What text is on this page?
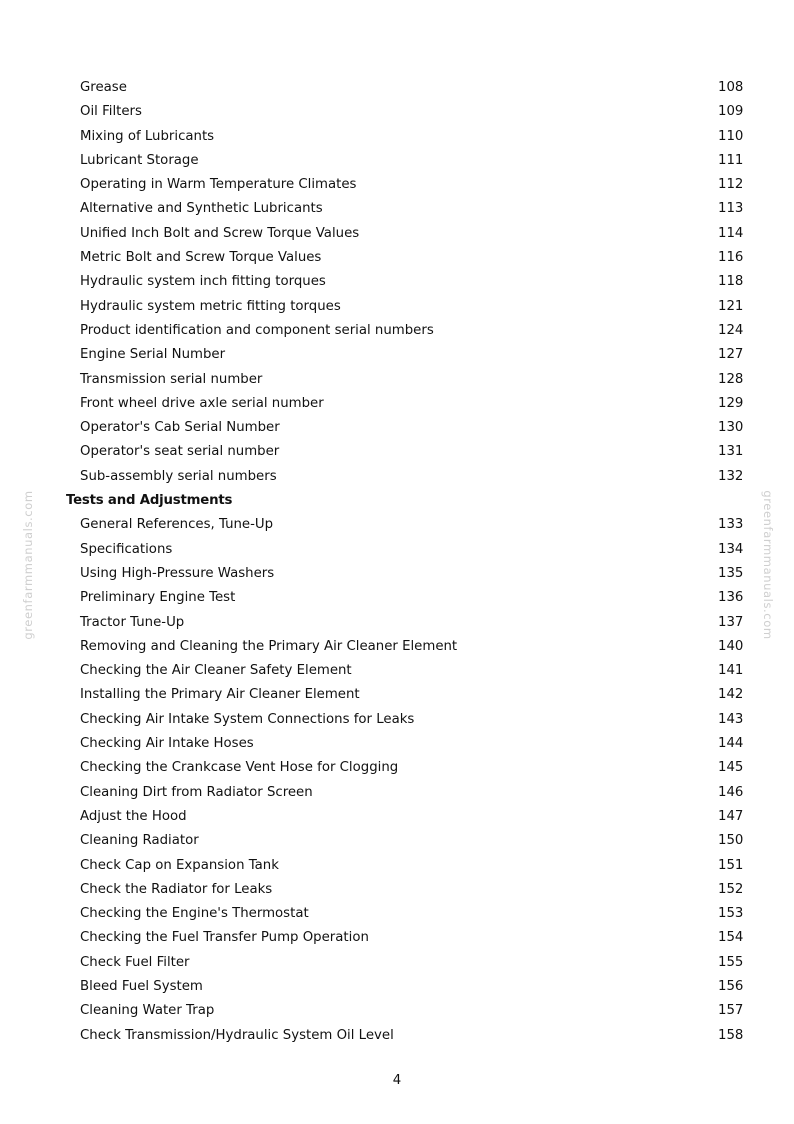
greenfarmmanuals.com	greenfarmmanuals.com
Grease	108
Oil Filters	109
Mixing of Lubricants	110
Lubricant Storage	111
Operating in Warm Temperature Climates	112
Alternative and Synthetic Lubricants	113
Unified Inch Bolt and Screw Torque Values	114
Metric Bolt and Screw Torque Values	116
Hydraulic system inch fitting torques	118
Hydraulic system metric fitting torques	121
Product identification and component serial numbers	124
Engine Serial Number	127
Transmission serial number	128
Front wheel drive axle serial number	129
Operator's Cab Serial Number	130
Operator's seat serial number	131
Sub-assembly serial numbers	132
Tests and Adjustments
General References, Tune-Up	133
Specifications	134
Using High-Pressure Washers	135
Preliminary Engine Test	136
Tractor Tune-Up	137
Removing and Cleaning the Primary Air Cleaner Element	140
Checking the Air Cleaner Safety Element	141
Installing the Primary Air Cleaner Element	142
Checking Air Intake System Connections for Leaks	143
Checking Air Intake Hoses	144
Checking the Crankcase Vent Hose for Clogging	145
Cleaning Dirt from Radiator Screen	146
Adjust the Hood	147
Cleaning Radiator	150
Check Cap on Expansion Tank	151
Check the Radiator for Leaks	152
Checking the Engine's Thermostat	153
Checking the Fuel Transfer Pump Operation	154
Check Fuel Filter	155
Bleed Fuel System	156
Cleaning Water Trap	157
Check Transmission/Hydraulic System Oil Level	158
4
